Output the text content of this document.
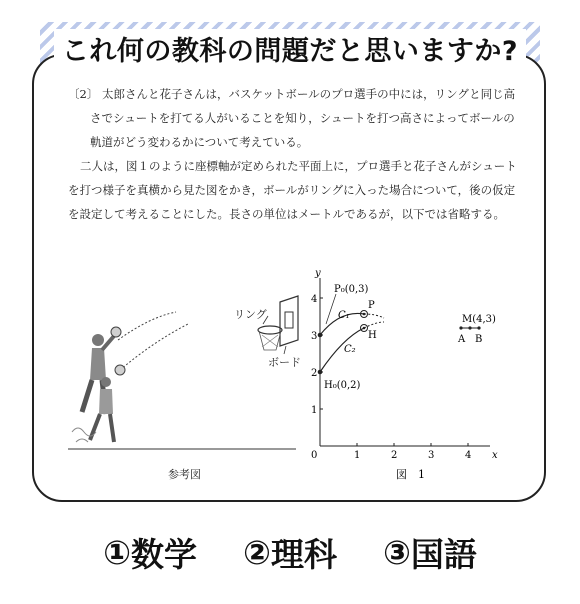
これ何の教科の問題だと思いますか?

〔2〕 太郎さんと花子さんは，バスケットボールのプロ選手の中には，リングと同じ高さでシュートを打てる人がいることを知り，シュートを打つ高さによってボールの軌道がどう変わるかについて考えている。

二人は，図１のように座標軸が定められた平面上に，プロ選手と花子さんがシュートを打つ様子を真横から見た図をかき，ボールがリングに入った場合について，後の仮定を設定して考えることにした。長さの単位はメートルであるが，以下では省略する。

参考図
リング
ボード
y
x
0	1	2	3	4
1
2
3
4
P₀(0,3)
H₀(0,2)
P
H
C₁
C₂
M(4,3)
A B
図　1
① 数学 ② 理科 ③ 国語
